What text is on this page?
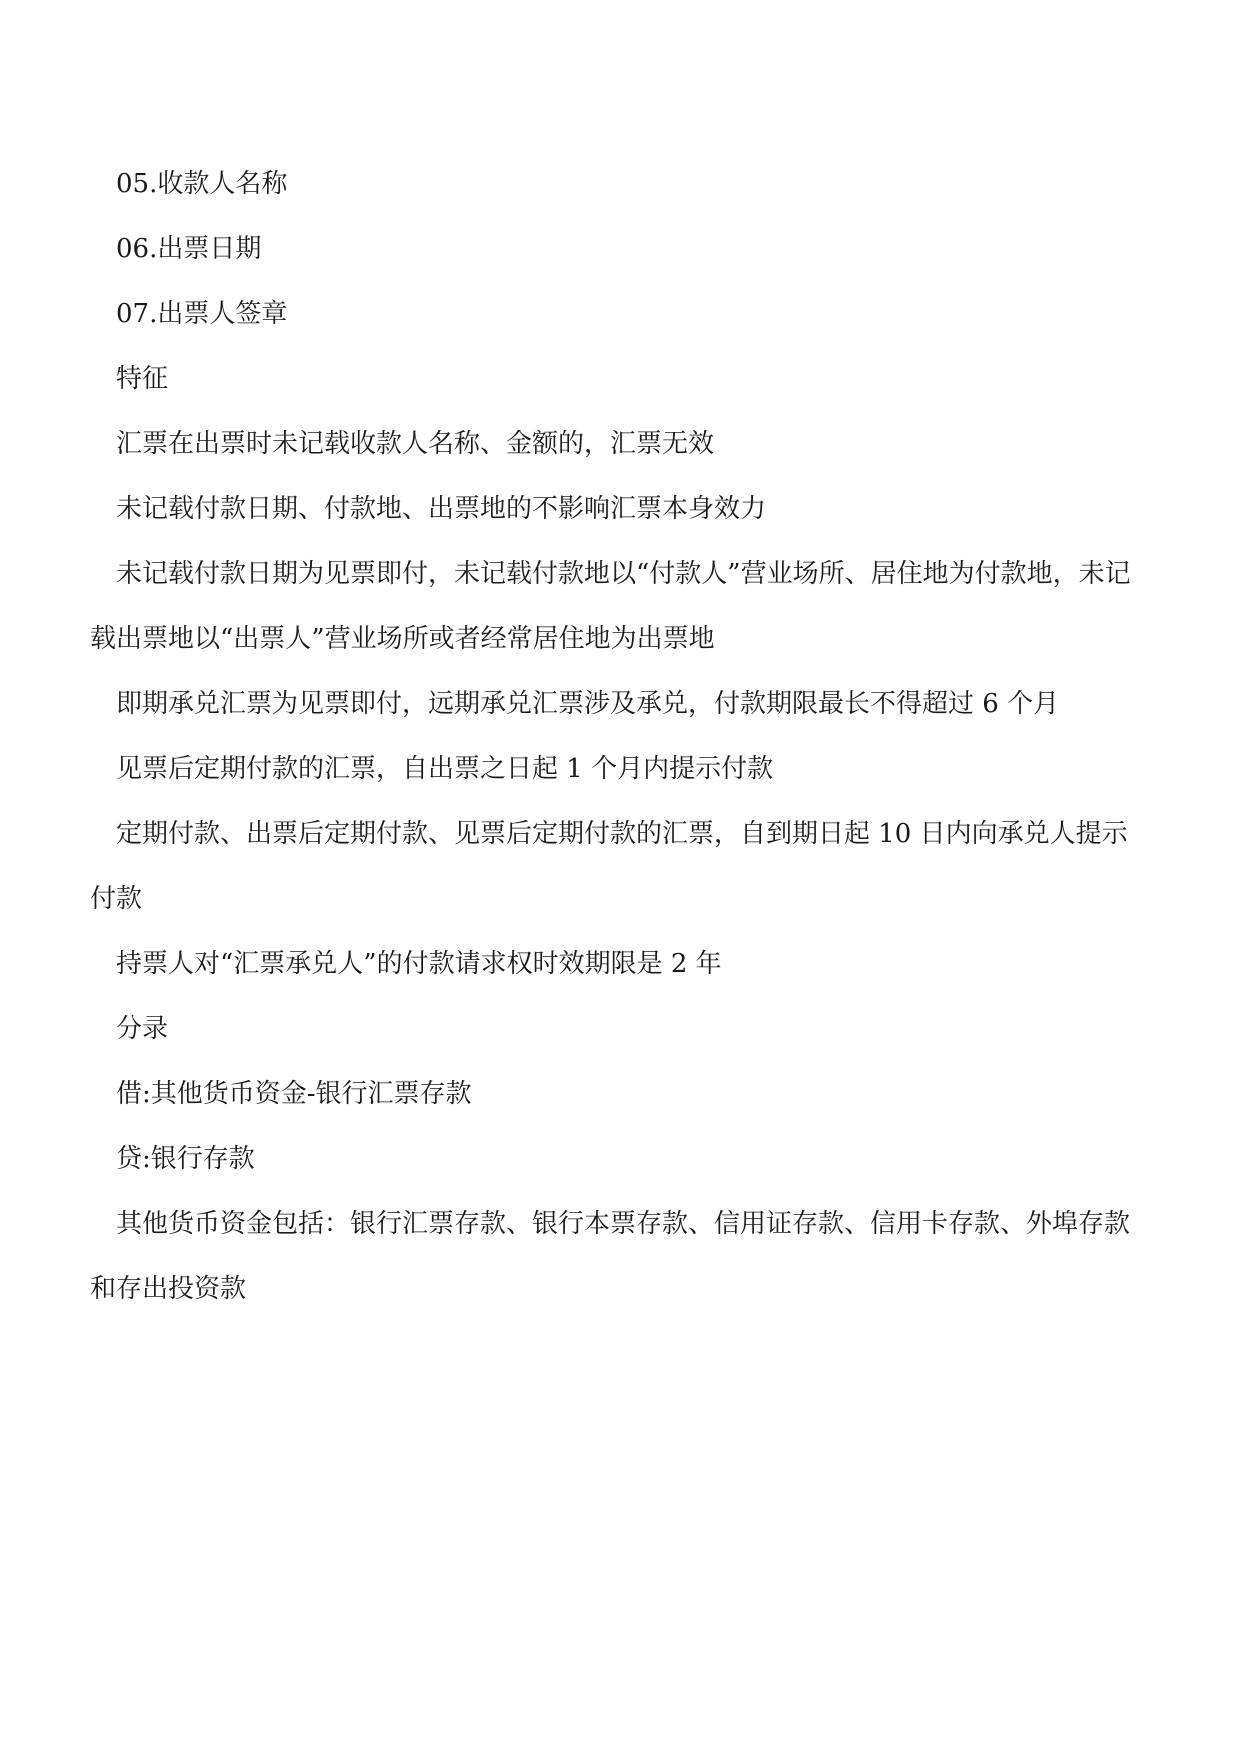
05.收款人名称

06.出票日期

07.出票人签章

特征

汇票在出票时未记载收款人名称、金额的，汇票无效

未记载付款日期、付款地、出票地的不影响汇票本身效力

未记载付款日期为见票即付，未记载付款地以“付款人”营业场所、居住地为付款地，未记载出票地以“出票人”营业场所或者经常居住地为出票地

即期承兑汇票为见票即付，远期承兑汇票涉及承兑，付款期限最长不得超过 6 个月

见票后定期付款的汇票，自出票之日起 1 个月内提示付款

定期付款、出票后定期付款、见票后定期付款的汇票，自到期日起 10 日内向承兑人提示付款

持票人对“汇票承兑人”的付款请求权时效期限是 2 年

分录

借:其他货币资金-银行汇票存款

贷:银行存款

其他货币资金包括：银行汇票存款、银行本票存款、信用证存款、信用卡存款、外埠存款和存出投资款
